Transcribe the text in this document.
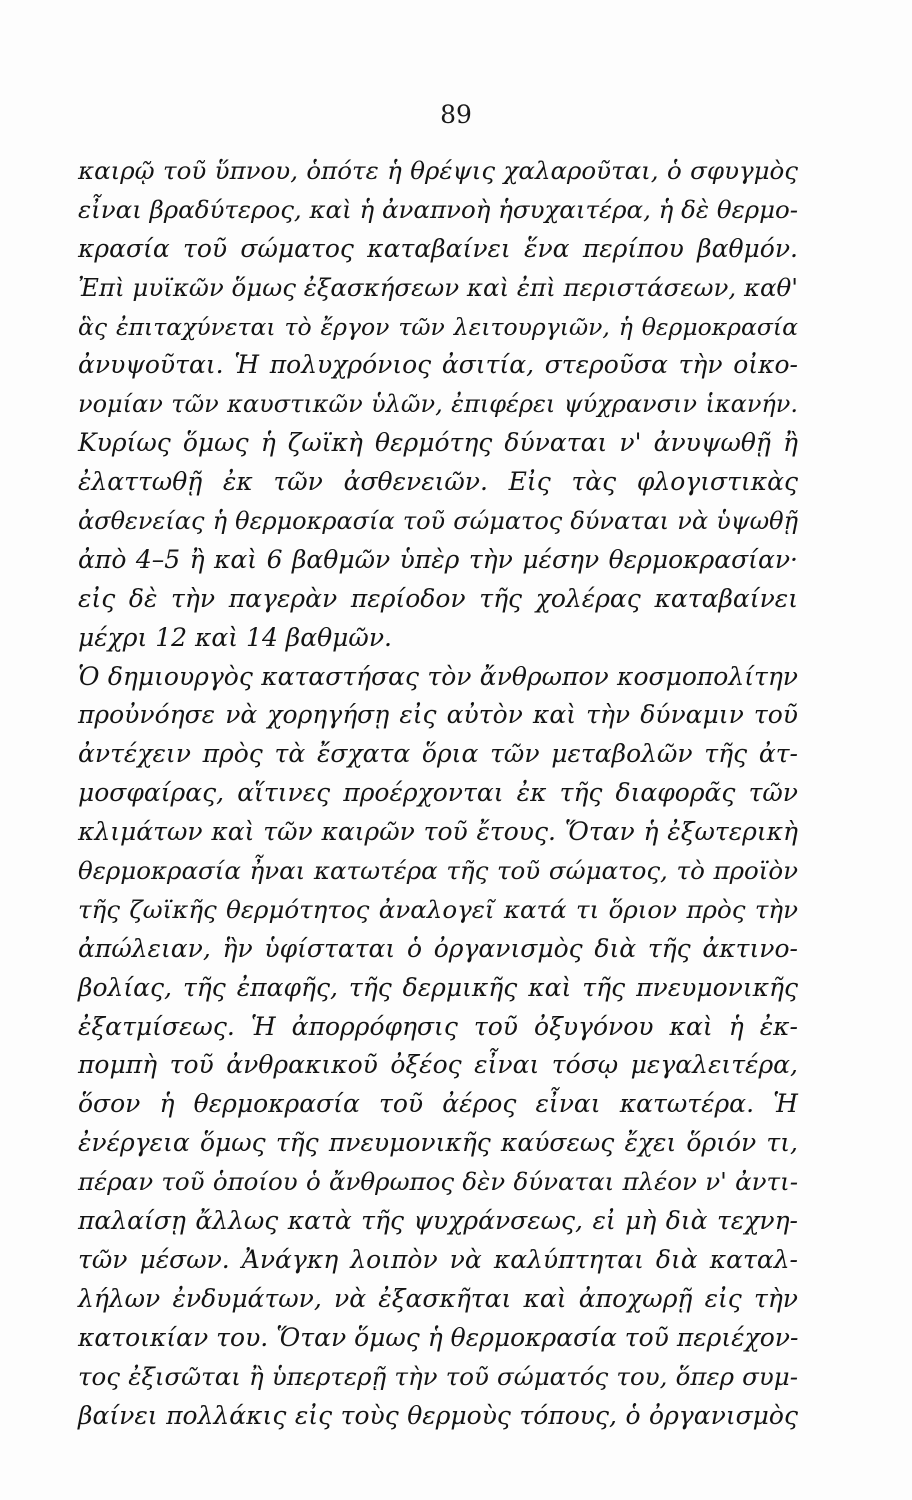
89
καιρῷ τοῦ ὕπνου, ὁπότε ἡ θρέψις χαλαροῦται, ὁ σφυγμὸς
εἶναι βραδύτερος, καὶ ἡ ἀναπνοὴ ἡσυχαιτέρα, ἡ δὲ θερμο-
κρασία τοῦ σώματος καταβαίνει ἕνα περίπου βαθμόν.
Ἐπὶ μυϊκῶν ὅμως ἐξασκήσεων καὶ ἐπὶ περιστάσεων, καθ'
ἃς ἐπιταχύνεται τὸ ἔργον τῶν λειτουργιῶν, ἡ θερμοκρασία
ἀνυψοῦται. Ἡ πολυχρόνιος ἀσιτία, στεροῦσα τὴν οἰκο-
νομίαν τῶν καυστικῶν ὑλῶν, ἐπιφέρει ψύχρανσιν ἱκανήν.
Κυρίως ὅμως ἡ ζωϊκὴ θερμότης δύναται ν' ἀνυψωθῇ ἢ
ἐλαττωθῇ ἐκ τῶν ἀσθενειῶν. Εἰς τὰς φλογιστικὰς
ἀσθενείας ἡ θερμοκρασία τοῦ σώματος δύναται νὰ ὑψωθῇ
ἀπὸ 4–5 ἢ καὶ 6 βαθμῶν ὑπὲρ τὴν μέσην θερμοκρασίαν·
εἰς δὲ τὴν παγερὰν περίοδον τῆς χολέρας καταβαίνει
μέχρι 12 καὶ 14 βαθμῶν.
Ὁ δημιουργὸς καταστήσας τὸν ἄνθρωπον κοσμοπολίτην
προὐνόησε νὰ χορηγήσῃ εἰς αὐτὸν καὶ τὴν δύναμιν τοῦ
ἀντέχειν πρὸς τὰ ἔσχατα ὅρια τῶν μεταβολῶν τῆς ἀτ-
μοσφαίρας, αἵτινες προέρχονται ἐκ τῆς διαφορᾶς τῶν
κλιμάτων καὶ τῶν καιρῶν τοῦ ἔτους. Ὅταν ἡ ἐξωτερικὴ
θερμοκρασία ἦναι κατωτέρα τῆς τοῦ σώματος, τὸ προϊὸν
τῆς ζωϊκῆς θερμότητος ἀναλογεῖ κατά τι ὅριον πρὸς τὴν
ἀπώλειαν, ἣν ὑφίσταται ὁ ὀργανισμὸς διὰ τῆς ἀκτινο-
βολίας, τῆς ἐπαφῆς, τῆς δερμικῆς καὶ τῆς πνευμονικῆς
ἐξατμίσεως. Ἡ ἀπορρόφησις τοῦ ὀξυγόνου καὶ ἡ ἐκ-
πομπὴ τοῦ ἀνθρακικοῦ ὀξέος εἶναι τόσῳ μεγαλειτέρα,
ὅσον ἡ θερμοκρασία τοῦ ἀέρος εἶναι κατωτέρα. Ἡ
ἐνέργεια ὅμως τῆς πνευμονικῆς καύσεως ἔχει ὅριόν τι,
πέραν τοῦ ὁποίου ὁ ἄνθρωπος δὲν δύναται πλέον ν' ἀντι-
παλαίσῃ ἄλλως κατὰ τῆς ψυχράνσεως, εἰ μὴ διὰ τεχνη-
τῶν μέσων. Ἀνάγκη λοιπὸν νὰ καλύπτηται διὰ καταλ-
λήλων ἐνδυμάτων, νὰ ἐξασκῆται καὶ ἀποχωρῇ εἰς τὴν
κατοικίαν του. Ὅταν ὅμως ἡ θερμοκρασία τοῦ περιέχον-
τος ἐξισῶται ἢ ὑπερτερῇ τὴν τοῦ σώματός του, ὅπερ συμ-
βαίνει πολλάκις εἰς τοὺς θερμοὺς τόπους, ὁ ὀργανισμὸς
